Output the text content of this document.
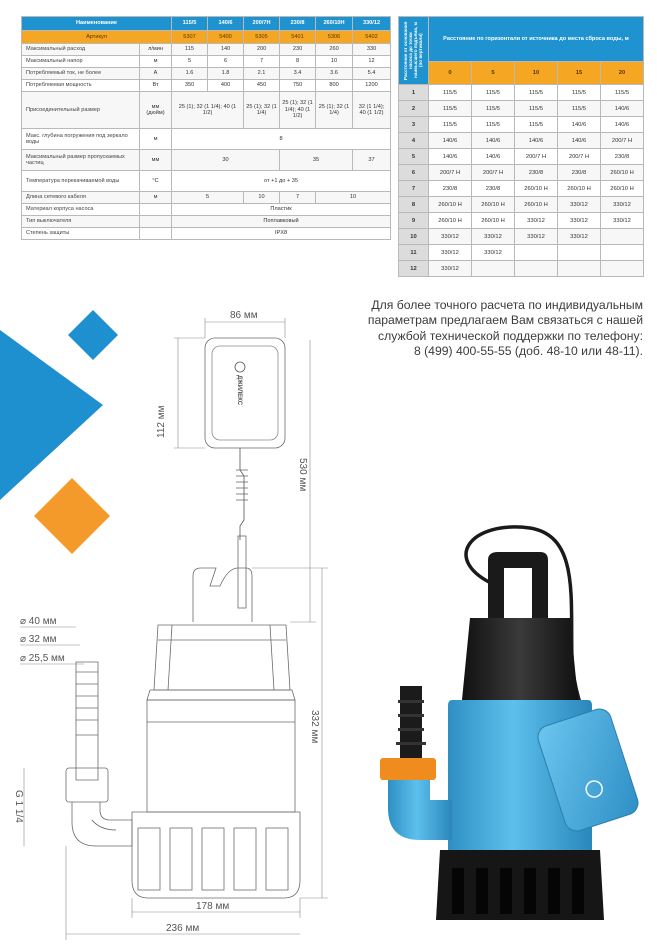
Наименование		115/5	140/6	200/7H	230/8	260/10H	330/12	
Артикул		5307	5400	5305	5401	5306	5402	
Максимальный расход	л/мин	115	140	200	230	260	330	
Максимальный напор	м	5	6	7	8	10	12	
Потребляемый ток, не более	А	1.6	1.8	2.1	3.4	3.6	5.4	
Потребляемая мощность	Вт	350	400	450	750	800	1200	
Присоединительный размер	мм (дюйм)	25 (1); 32 (1 1/4); 40 (1 1/2)		25 (1); 32 (1 1/4)	25 (1); 32 (1 1/4); 40 (1 1/2)	25 (1); 32 (1 1/4)	32 (1 1/4); 40 (1 1/2)	
Макс. глубина погружения под зеркало воды	м	8						
Максимальный размер пропускаемых частиц	мм	30			35		37	
Температура перекачиваемой воды	°C	от +1 до + 35						
Длина сетевого кабеля	м	5		10	7	10		
Материал корпуса насоса		Пластик						
Тип выключателя		Поплавковый						
Степень защиты		IPX8						
Расстояние от основания насоса до точки наивысшего подъёма, м (по вертикали)	Расстояние по горизонтали от источника до места сброса воды, м				
	0	5	10	15	20
1	115/5	115/5	115/5	115/5	115/5
2	115/5	115/5	115/5	115/5	140/6
3	115/5	115/5	115/5	140/6	140/6
4	140/6	140/6	140/6	140/6	200/7 H
5	140/6	140/6	200/7 H	200/7 H	230/8
6	200/7 H	200/7 H	230/8	230/8	260/10 H
7	230/8	230/8	260/10 H	260/10 H	260/10 H
8	260/10 H	260/10 H	260/10 H	330/12	330/12
9	260/10 H	260/10 H	330/12	330/12	330/12
10	330/12	330/12	330/12	330/12	
11	330/12	330/12			
12	330/12				
Для более точного расчета по индивидуальным
параметрам предлагаем Вам связаться с нашей
службой технической поддержки по телефону:
8 (499) 400-55-55 (доб. 48-10 или 48-11).
ДЖИЛЕКС
86 мм
112 мм
530 мм
332 мм
⌀ 40 мм
⌀ 32 мм
⌀ 25,5 мм
G 1 1/4
178 мм
236 мм
